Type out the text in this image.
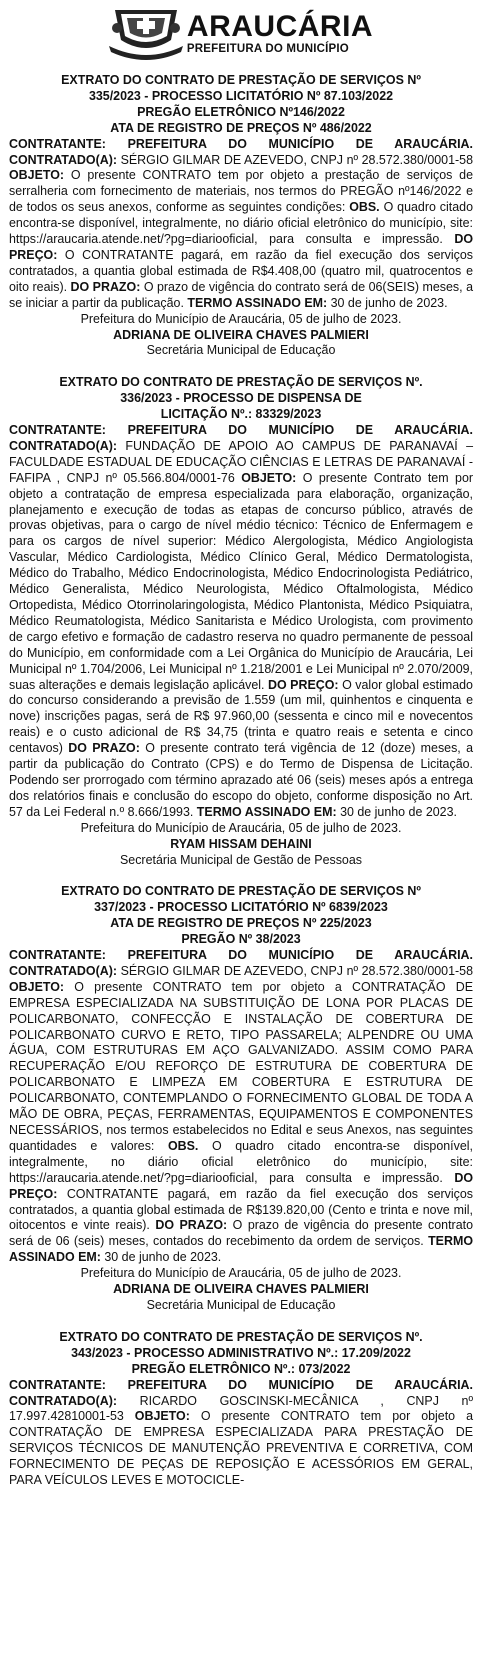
ARAUCÁRIA
PREFEITURA DO MUNICÍPIO

EXTRATO DO CONTRATO DE PRESTAÇÃO DE SERVIÇOS Nº

335/2023 - PROCESSO LICITATÓRIO Nº 87.103/2022

PREGÃO ELETRÔNICO Nº146/2022

ATA DE REGISTRO DE PREÇOS Nº 486/2022

CONTRATANTE: PREFEITURA DO MUNICÍPIO DE ARAUCÁRIA. CONTRATADO(A): SÉRGIO GILMAR DE AZEVEDO, CNPJ nº 28.572.380/0001-58 OBJETO: O presente CONTRATO tem por objeto a prestação de serviços de serralheria com fornecimento de materiais, nos termos do PREGÃO nº146/2022 e de todos os seus anexos, conforme as seguintes condições: OBS. O quadro citado encontra-se disponível, integralmente, no diário oficial eletrônico do município, site: https://araucaria.atende.net/?pg=diariooficial, para consulta e impressão. DO PREÇO: O CONTRATANTE pagará, em razão da fiel execução dos serviços contratados, a quantia global estimada de R$4.408,00 (quatro mil, quatrocentos e oito reais). DO PRAZO: O prazo de vigência do contrato será de 06(SEIS) meses, a se iniciar a partir da publicação. TERMO ASSINADO EM: 30 de junho de 2023.

Prefeitura do Município de Araucária, 05 de julho de 2023.

ADRIANA DE OLIVEIRA CHAVES PALMIERI

Secretária Municipal de Educação

EXTRATO DO CONTRATO DE PRESTAÇÃO DE SERVIÇOS Nº.

336/2023 - PROCESSO DE DISPENSA DE

LICITAÇÃO Nº.: 83329/2023

CONTRATANTE: PREFEITURA DO MUNICÍPIO DE ARAUCÁRIA. CONTRATADO(A): FUNDAÇÃO DE APOIO AO CAMPUS DE PARANAVAÍ – FACULDADE ESTADUAL DE EDUCAÇÃO CIÊNCIAS E LETRAS DE PARANAVAÍ - FAFIPA , CNPJ nº 05.566.804/0001-76 OBJETO: O presente Contrato tem por objeto a contratação de empresa especializada para elaboração, organização, planejamento e execução de todas as etapas de concurso público, através de provas objetivas, para o cargo de nível médio técnico: Técnico de Enfermagem e para os cargos de nível superior: Médico Alergologista, Médico Angiologista Vascular, Médico Cardiologista, Médico Clínico Geral, Médico Dermatologista, Médico do Trabalho, Médico Endocrinologista, Médico Endocrinologista Pediátrico, Médico Generalista, Médico Neurologista, Médico Oftalmologista, Médico Ortopedista, Médico Otorrinolaringologista, Médico Plantonista, Médico Psiquiatra, Médico Reumatologista, Médico Sanitarista e Médico Urologista, com provimento de cargo efetivo e formação de cadastro reserva no quadro permanente de pessoal do Município, em conformidade com a Lei Orgânica do Município de Araucária, Lei Municipal nº 1.704/2006, Lei Municipal nº 1.218/2001 e Lei Municipal nº 2.070/2009, suas alterações e demais legislação aplicável. DO PREÇO: O valor global estimado do concurso considerando a previsão de 1.559 (um mil, quinhentos e cinquenta e nove) inscrições pagas, será de R$ 97.960,00 (sessenta e cinco mil e novecentos reais) e o custo adicional de R$ 34,75 (trinta e quatro reais e setenta e cinco centavos) DO PRAZO: O presente contrato terá vigência de 12 (doze) meses, a partir da publicação do Contrato (CPS) e do Termo de Dispensa de Licitação. Podendo ser prorrogado com término aprazado até 06 (seis) meses após a entrega dos relatórios finais e conclusão do escopo do objeto, conforme disposição no Art. 57 da Lei Federal n.º 8.666/1993. TERMO ASSINADO EM: 30 de junho de 2023.

Prefeitura do Município de Araucária, 05 de julho de 2023.

RYAM HISSAM DEHAINI

Secretária Municipal de Gestão de Pessoas

EXTRATO DO CONTRATO DE PRESTAÇÃO DE SERVIÇOS Nº

337/2023 - PROCESSO LICITATÓRIO Nº 6839/2023

ATA DE REGISTRO DE PREÇOS Nº 225/2023

PREGÃO Nº 38/2023

CONTRATANTE: PREFEITURA DO MUNICÍPIO DE ARAUCÁRIA. CONTRATADO(A): SÉRGIO GILMAR DE AZEVEDO, CNPJ nº 28.572.380/0001-58 OBJETO: O presente CONTRATO tem por objeto a CONTRATAÇÃO DE EMPRESA ESPECIALIZADA NA SUBSTITUIÇÃO DE LONA POR PLACAS DE POLICARBONATO, CONFECÇÃO E INSTALAÇÃO DE COBERTURA DE POLICARBONATO CURVO E RETO, TIPO PASSARELA; ALPENDRE OU UMA ÁGUA, COM ESTRUTURAS EM AÇO GALVANIZADO. ASSIM COMO PARA RECUPERAÇÃO E/OU REFORÇO DE ESTRUTURA DE COBERTURA DE POLICARBONATO E LIMPEZA EM COBERTURA E ESTRUTURA DE POLICARBONATO, CONTEMPLANDO O FORNECIMENTO GLOBAL DE TODA A MÃO DE OBRA, PEÇAS, FERRAMENTAS, EQUIPAMENTOS E COMPONENTES NECESSÁRIOS, nos termos estabelecidos no Edital e seus Anexos, nas seguintes quantidades e valores: OBS. O quadro citado encontra-se disponível, integralmente, no diário oficial eletrônico do município, site: https://araucaria.atende.net/?pg=diariooficial, para consulta e impressão. DO PREÇO: CONTRATANTE pagará, em razão da fiel execução dos serviços contratados, a quantia global estimada de R$139.820,00 (Cento e trinta e nove mil, oitocentos e vinte reais). DO PRAZO: O prazo de vigência do presente contrato será de 06 (seis) meses, contados do recebimento da ordem de serviços. TERMO ASSINADO EM: 30 de junho de 2023.

Prefeitura do Município de Araucária, 05 de julho de 2023.

ADRIANA DE OLIVEIRA CHAVES PALMIERI

Secretária Municipal de Educação

EXTRATO DO CONTRATO DE PRESTAÇÃO DE SERVIÇOS Nº.

343/2023 - PROCESSO ADMINISTRATIVO Nº.: 17.209/2022

PREGÃO ELETRÔNICO Nº.: 073/2022

CONTRATANTE: PREFEITURA DO MUNICÍPIO DE ARAUCÁRIA. CONTRATADO(A): RICARDO GOSCINSKI-MECÂNICA , CNPJ nº 17.997.42810001-53 OBJETO: O presente CONTRATO tem por objeto a CONTRATAÇÃO DE EMPRESA ESPECIALIZADA PARA PRESTAÇÃO DE SERVIÇOS TÉCNICOS DE MANUTENÇÃO PREVENTIVA E CORRETIVA, COM FORNECIMENTO DE PEÇAS DE REPOSIÇÃO E ACESSÓRIOS EM GERAL, PARA VEÍCULOS LEVES E MOTOCICLE-
